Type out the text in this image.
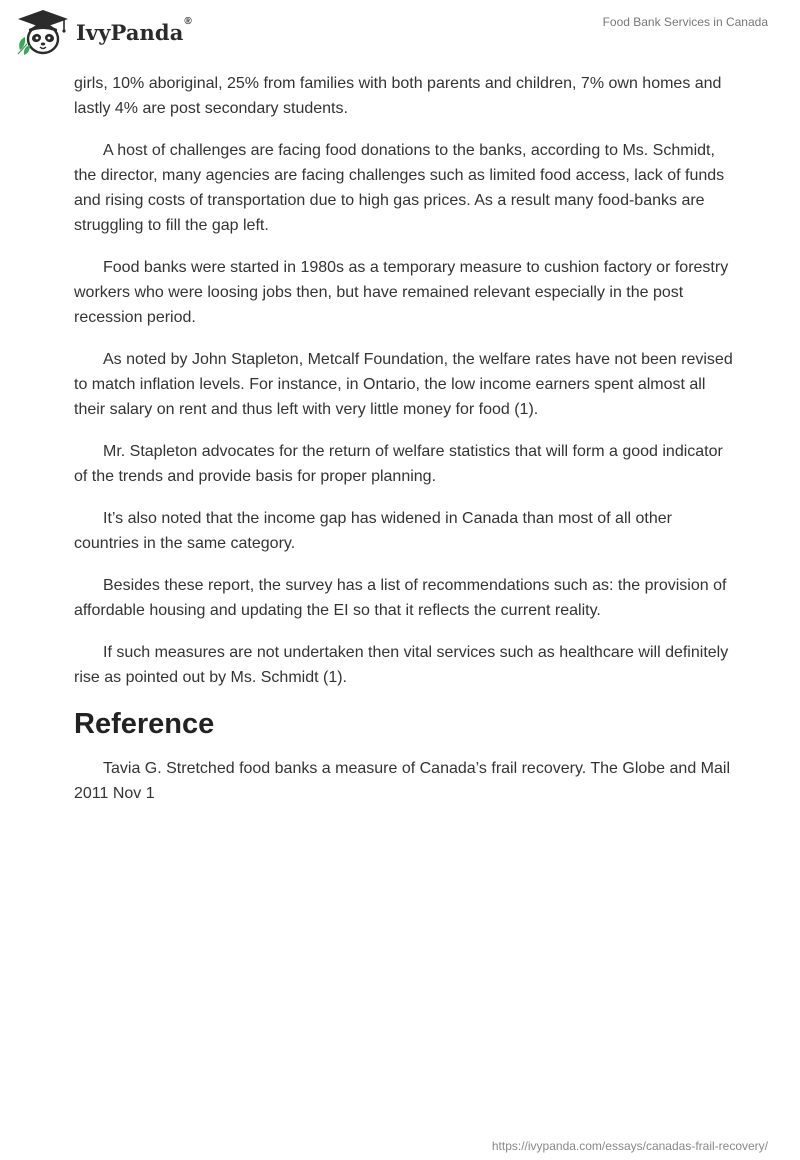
IvyPanda®	Food Bank Services in Canada

girls, 10% aboriginal, 25% from families with both parents and children, 7% own homes and lastly 4% are post secondary students.

A host of challenges are facing food donations to the banks, according to Ms. Schmidt, the director, many agencies are facing challenges such as limited food access, lack of funds and rising costs of transportation due to high gas prices. As a result many food-banks are struggling to fill the gap left.

Food banks were started in 1980s as a temporary measure to cushion factory or forestry workers who were loosing jobs then, but have remained relevant especially in the post recession period.

As noted by John Stapleton, Metcalf Foundation, the welfare rates have not been revised to match inflation levels. For instance, in Ontario, the low income earners spent almost all their salary on rent and thus left with very little money for food (1).

Mr. Stapleton advocates for the return of welfare statistics that will form a good indicator of the trends and provide basis for proper planning.

It’s also noted that the income gap has widened in Canada than most of all other countries in the same category.

Besides these report, the survey has a list of recommendations such as: the provision of affordable housing and updating the EI so that it reflects the current reality.

If such measures are not undertaken then vital services such as healthcare will definitely rise as pointed out by Ms. Schmidt (1).

Reference

Tavia G. Stretched food banks a measure of Canada’s frail recovery. The Globe and Mail 2011 Nov 1

https://ivypanda.com/essays/canadas-frail-recovery/
